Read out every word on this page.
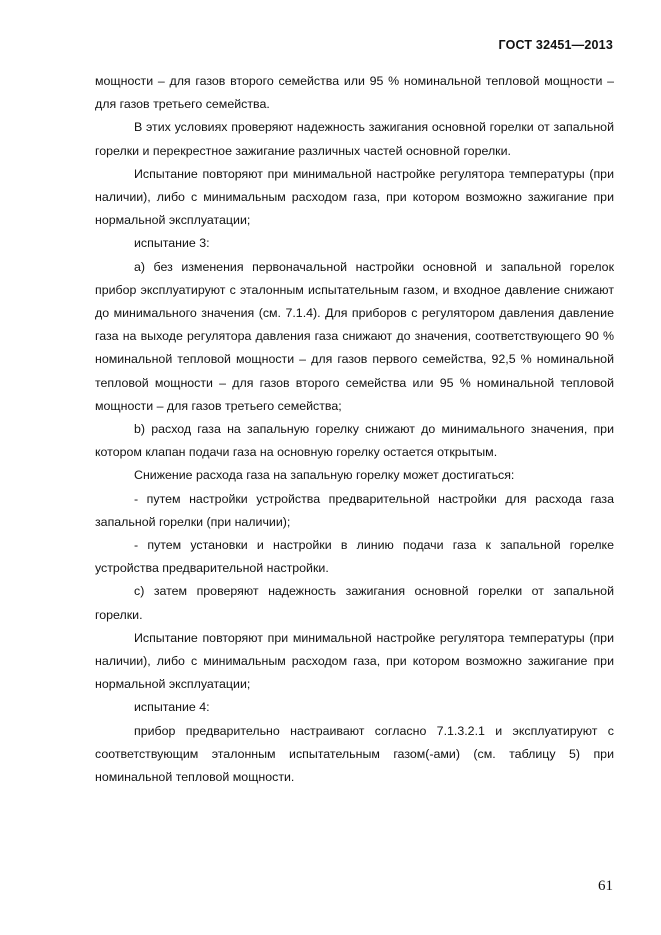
ГОСТ 32451—2013

мощности – для газов второго семейства или 95 % номинальной тепловой мощности – для газов третьего семейства.

В этих условиях проверяют надежность зажигания основной горелки от запальной горелки и перекрестное зажигание различных частей основной горелки.

Испытание повторяют при минимальной настройке регулятора температуры (при наличии), либо с минимальным расходом газа, при котором возможно зажигание при нормальной эксплуатации;

испытание 3:

а) без изменения первоначальной настройки основной и запальной горелок прибор эксплуатируют с эталонным испытательным газом, и входное давление снижают до минимального значения (см. 7.1.4). Для приборов с регулятором давления давление газа на выходе регулятора давления газа снижают до значения, соответствующего 90 % номинальной тепловой мощности – для газов первого семейства, 92,5 % номинальной тепловой мощности – для газов второго семейства или 95 % номинальной тепловой мощности – для газов третьего семейства;

b) расход газа на запальную горелку снижают до минимального значения, при котором клапан подачи газа на основную горелку остается открытым.

Снижение расхода газа на запальную горелку может достигаться:

- путем настройки устройства предварительной настройки для расхода газа запальной горелки (при наличии);

- путем установки и настройки в линию подачи газа к запальной горелке устройства предварительной настройки.

с) затем проверяют надежность зажигания основной горелки от запальной горелки.

Испытание повторяют при минимальной настройке регулятора температуры (при наличии), либо с минимальным расходом газа, при котором возможно зажигание при нормальной эксплуатации;

испытание 4:

прибор предварительно настраивают согласно 7.1.3.2.1 и эксплуатируют с соответствующим эталонным испытательным газом(-ами) (см. таблицу 5) при номинальной тепловой мощности.

61
